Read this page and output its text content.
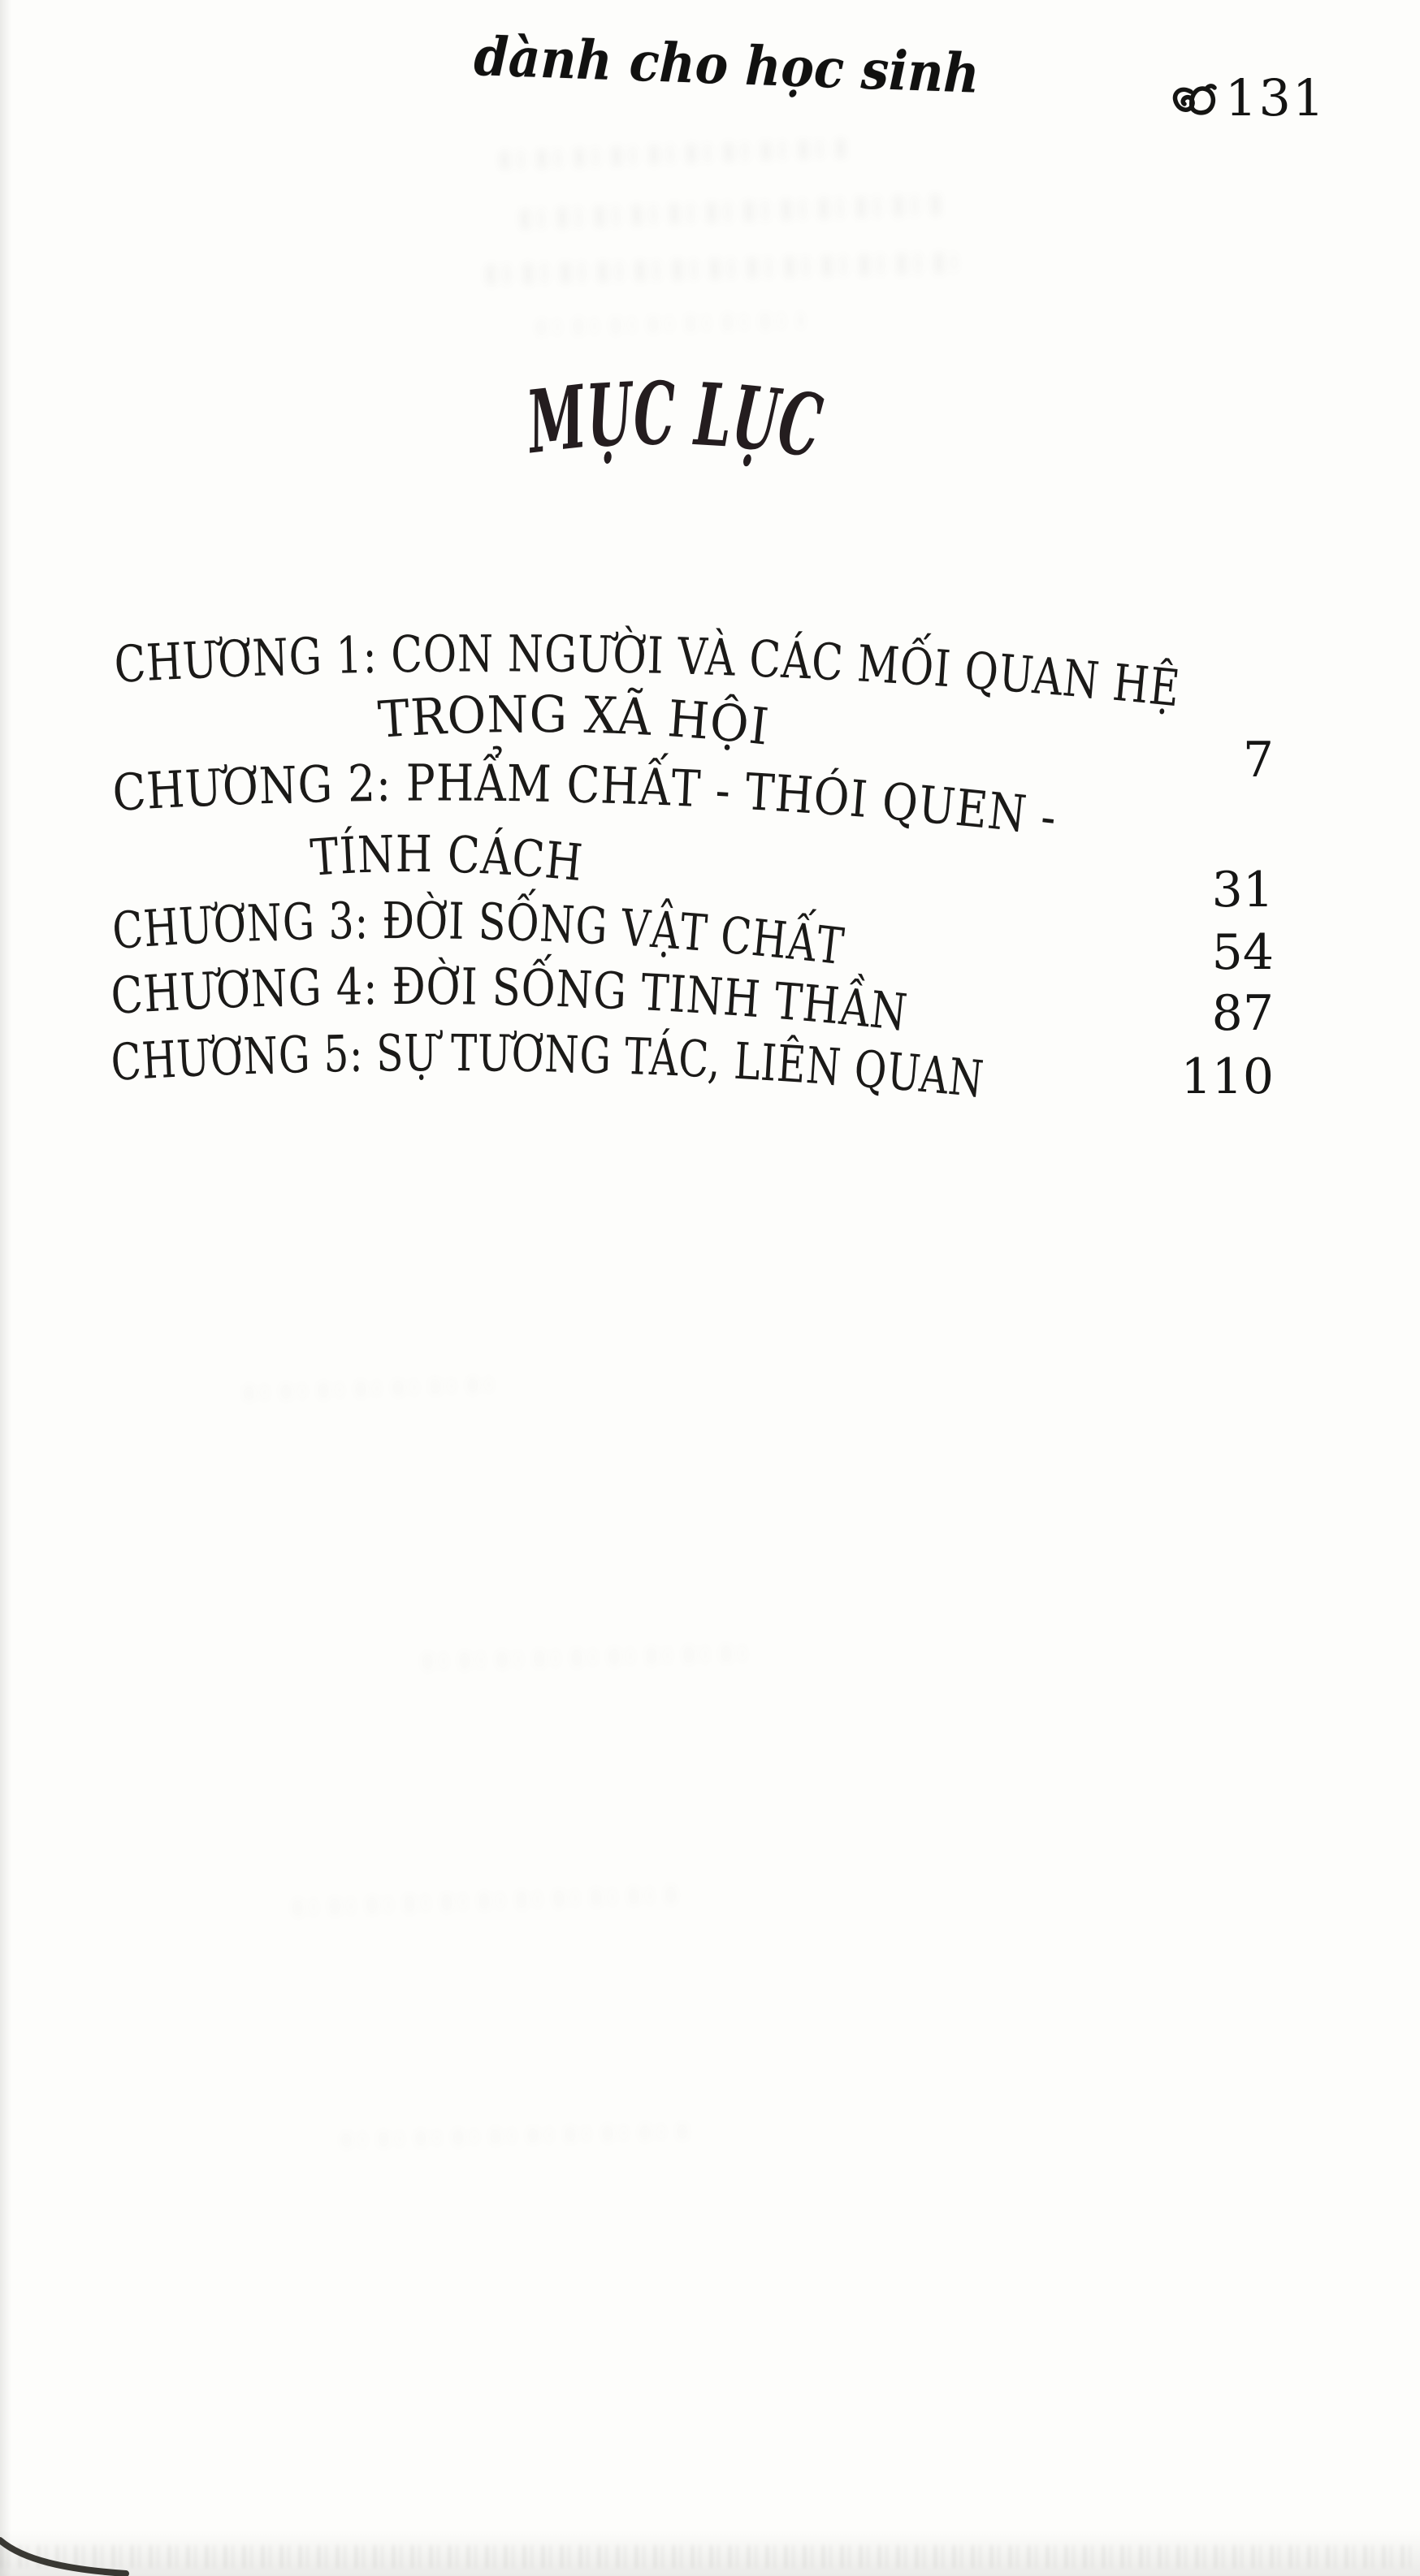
dành cho học sinh	131
MỤC LỤC
CHƯƠNG 1: CON NGƯỜI VÀ CÁC MỐI QUAN HỆ
TRONG XÃ HỘI
CHƯƠNG 2: PHẨM CHẤT - THÓI QUEN -
TÍNH CÁCH
CHƯƠNG 3: ĐỜI SỐNG VẬT CHẤT
CHƯƠNG 4: ĐỜI SỐNG TINH THẦN
CHƯƠNG 5: SỰ TƯƠNG TÁC, LIÊN QUAN
7
31
54
87
110
